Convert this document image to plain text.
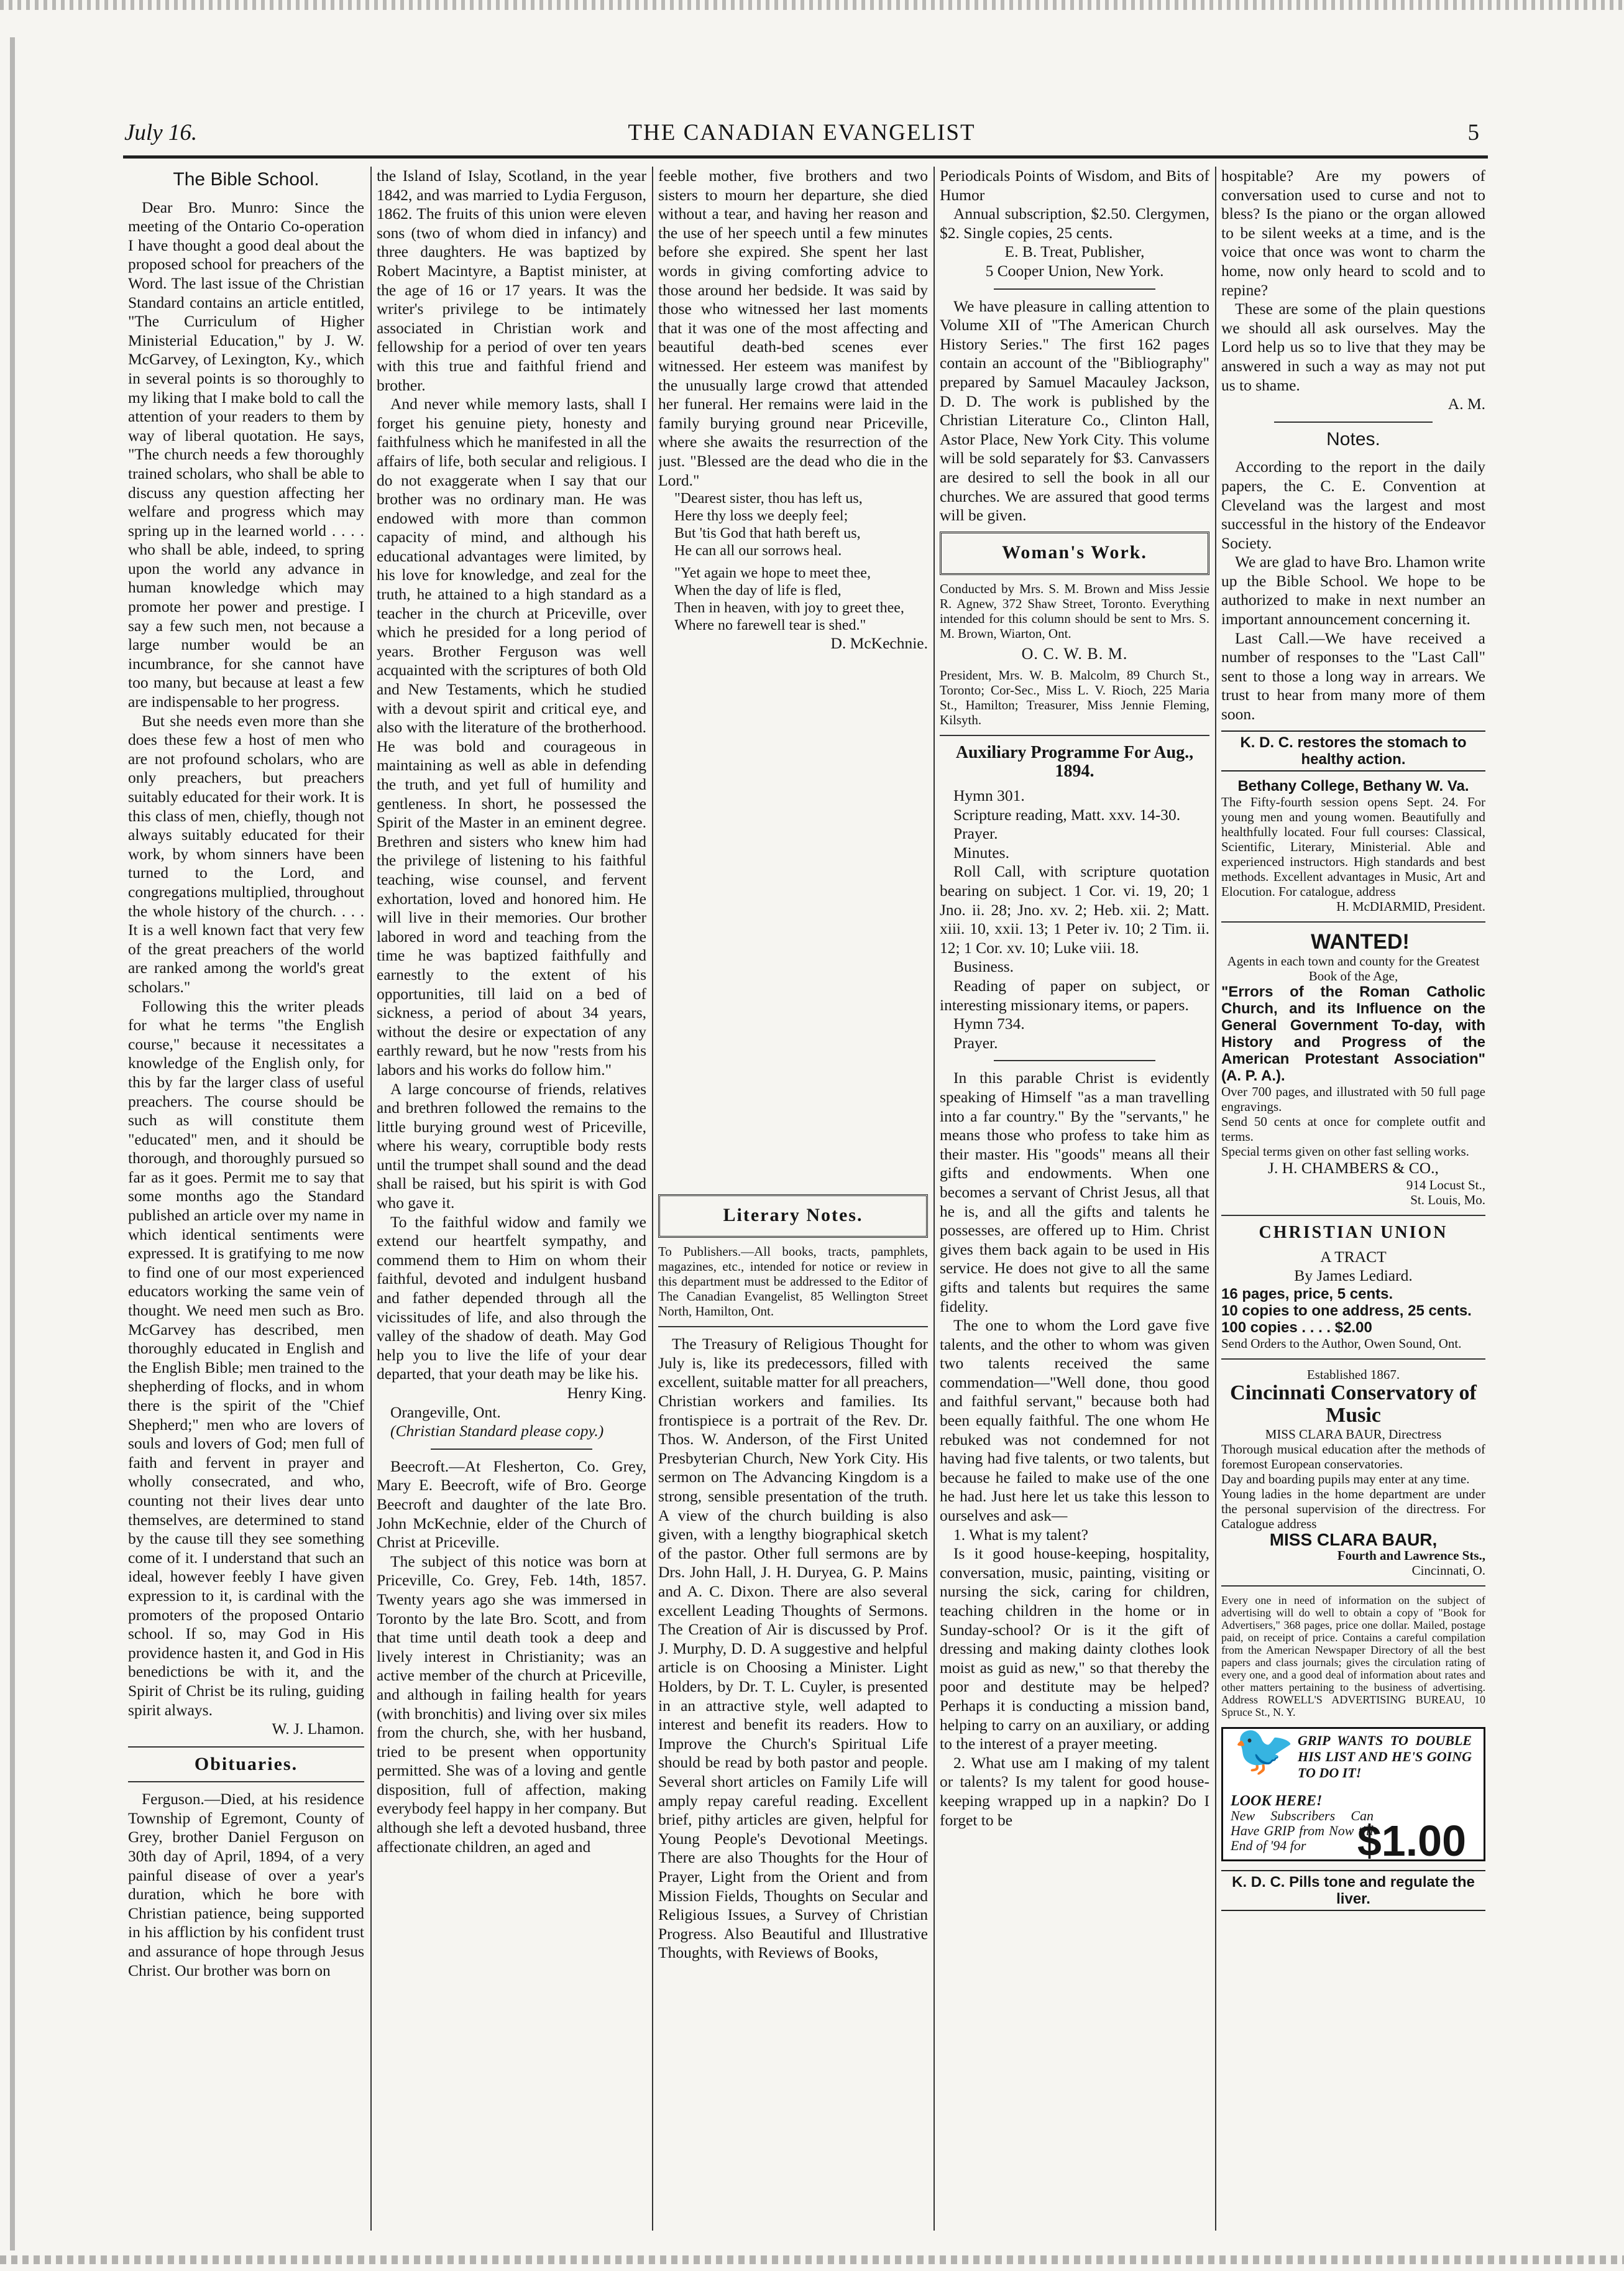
July 16.	THE CANADIAN EVANGELIST	5
The Bible School.

Dear Bro. Munro: Since the meeting of the Ontario Co-operation I have thought a good deal about the proposed school for preachers of the Word. The last issue of the Christian Standard contains an article entitled, "The Curriculum of Higher Ministerial Education," by J. W. McGarvey, of Lexington, Ky., which in several points is so thoroughly to my liking that I make bold to call the attention of your readers to them by way of liberal quotation. He says, "The church needs a few thoroughly trained scholars, who shall be able to discuss any question affecting her welfare and progress which may spring up in the learned world . . . . who shall be able, indeed, to spring upon the world any advance in human knowledge which may promote her power and prestige. I say a few such men, not because a large number would be an incumbrance, for she cannot have too many, but because at least a few are indispensable to her progress.

But she needs even more than she does these few a host of men who are not profound scholars, who are only preachers, but preachers suitably educated for their work. It is this class of men, chiefly, though not always suitably educated for their work, by whom sinners have been turned to the Lord, and congregations multiplied, throughout the whole history of the church. . . . It is a well known fact that very few of the great preachers of the world are ranked among the world's great scholars."

Following this the writer pleads for what he terms "the English course," because it necessitates a knowledge of the English only, for this by far the larger class of useful preachers. The course should be such as will constitute them "educated" men, and it should be thorough, and thoroughly pursued so far as it goes. Permit me to say that some months ago the Standard published an article over my name in which identical sentiments were expressed. It is gratifying to me now to find one of our most experienced educators working the same vein of thought. We need men such as Bro. McGarvey has described, men thoroughly educated in English and the English Bible; men trained to the shepherding of flocks, and in whom there is the spirit of the "Chief Shepherd;" men who are lovers of souls and lovers of God; men full of faith and fervent in prayer and wholly consecrated, and who, counting not their lives dear unto themselves, are determined to stand by the cause till they see something come of it. I understand that such an ideal, however feebly I have given expression to it, is cardinal with the promoters of the proposed Ontario school. If so, may God in His providence hasten it, and God in His benedictions be with it, and the Spirit of Christ be its ruling, guiding spirit always.

W. J. Lhamon.

Obituaries.

Ferguson.—Died, at his residence Township of Egremont, County of Grey, brother Daniel Ferguson on 30th day of April, 1894, of a very painful disease of over a year's duration, which he bore with Christian patience, being supported in his affliction by his confident trust and assurance of hope through Jesus Christ. Our brother was born on

the Island of Islay, Scotland, in the year 1842, and was married to Lydia Ferguson, 1862. The fruits of this union were eleven sons (two of whom died in infancy) and three daughters. He was baptized by Robert Macintyre, a Baptist minister, at the age of 16 or 17 years. It was the writer's privilege to be intimately associated in Christian work and fellowship for a period of over ten years with this true and faithful friend and brother.

And never while memory lasts, shall I forget his genuine piety, honesty and faithfulness which he manifested in all the affairs of life, both secular and religious. I do not exaggerate when I say that our brother was no ordinary man. He was endowed with more than common capacity of mind, and although his educational advantages were limited, by his love for knowledge, and zeal for the truth, he attained to a high standard as a teacher in the church at Priceville, over which he presided for a long period of years. Brother Ferguson was well acquainted with the scriptures of both Old and New Testaments, which he studied with a devout spirit and critical eye, and also with the literature of the brotherhood. He was bold and courageous in maintaining as well as able in defending the truth, and yet full of humility and gentleness. In short, he possessed the Spirit of the Master in an eminent degree. Brethren and sisters who knew him had the privilege of listening to his faithful teaching, wise counsel, and fervent exhortation, loved and honored him. He will live in their memories. Our brother labored in word and teaching from the time he was baptized faithfully and earnestly to the extent of his opportunities, till laid on a bed of sickness, a period of about 34 years, without the desire or expectation of any earthly reward, but he now "rests from his labors and his works do follow him."

A large concourse of friends, relatives and brethren followed the remains to the little burying ground west of Priceville, where his weary, corruptible body rests until the trumpet shall sound and the dead shall be raised, but his spirit is with God who gave it.

To the faithful widow and family we extend our heartfelt sympathy, and commend them to Him on whom their faithful, devoted and indulgent husband and father depended through all the vicissitudes of life, and also through the valley of the shadow of death. May God help you to live the life of your dear departed, that your death may be like his.

Henry King.

Orangeville, Ont.

(Christian Standard please copy.)

Beecroft.—At Flesherton, Co. Grey, Mary E. Beecroft, wife of Bro. George Beecroft and daughter of the late Bro. John McKechnie, elder of the Church of Christ at Priceville.

The subject of this notice was born at Priceville, Co. Grey, Feb. 14th, 1857. Twenty years ago she was immersed in Toronto by the late Bro. Scott, and from that time until death took a deep and lively interest in Christianity; was an active member of the church at Priceville, and although in failing health for years (with bronchitis) and living over six miles from the church, she, with her husband, tried to be present when opportunity permitted. She was of a loving and gentle disposition, full of affection, making everybody feel happy in her company. But although she left a devoted husband, three affectionate children, an aged and

feeble mother, five brothers and two sisters to mourn her departure, she died without a tear, and having her reason and the use of her speech until a few minutes before she expired. She spent her last words in giving comforting advice to those around her bedside. It was said by those who witnessed her last moments that it was one of the most affecting and beautiful death-bed scenes ever witnessed. Her esteem was manifest by the unusually large crowd that attended her funeral. Her remains were laid in the family burying ground near Priceville, where she awaits the resurrection of the just. "Blessed are the dead who die in the Lord."

"Dearest sister, thou has left us,

Here thy loss we deeply feel;

But 'tis God that hath bereft us,

He can all our sorrows heal.

"Yet again we hope to meet thee,

When the day of life is fled,

Then in heaven, with joy to greet thee,

Where no farewell tear is shed."

D. McKechnie.

Literary Notes.

To Publishers.—All books, tracts, pamphlets, magazines, etc., intended for notice or review in this department must be addressed to the Editor of The Canadian Evangelist, 85 Wellington Street North, Hamilton, Ont.

The Treasury of Religious Thought for July is, like its predecessors, filled with excellent, suitable matter for all preachers, Christian workers and families. Its frontispiece is a portrait of the Rev. Dr. Thos. W. Anderson, of the First United Presbyterian Church, New York City. His sermon on The Advancing Kingdom is a strong, sensible presentation of the truth. A view of the church building is also given, with a lengthy biographical sketch of the pastor. Other full sermons are by Drs. John Hall, J. H. Duryea, G. P. Mains and A. C. Dixon. There are also several excellent Leading Thoughts of Sermons. The Creation of Air is discussed by Prof. J. Murphy, D. D. A suggestive and helpful article is on Choosing a Minister. Light Holders, by Dr. T. L. Cuyler, is presented in an attractive style, well adapted to interest and benefit its readers. How to Improve the Church's Spiritual Life should be read by both pastor and people. Several short articles on Family Life will amply repay careful reading. Excellent brief, pithy articles are given, helpful for Young People's Devotional Meetings. There are also Thoughts for the Hour of Prayer, Light from the Orient and from Mission Fields, Thoughts on Secular and Religious Issues, a Survey of Christian Progress. Also Beautiful and Illustrative Thoughts, with Reviews of Books,

Periodicals Points of Wisdom, and Bits of Humor

Annual subscription, $2.50. Clergymen, $2. Single copies, 25 cents.

E. B. Treat, Publisher,

5 Cooper Union, New York.

We have pleasure in calling attention to Volume XII of "The American Church History Series." The first 162 pages contain an account of the "Bibliography" prepared by Samuel Macauley Jackson, D. D. The work is published by the Christian Literature Co., Clinton Hall, Astor Place, New York City. This volume will be sold separately for $3. Canvassers are desired to sell the book in all our churches. We are assured that good terms will be given.

Woman's Work.

Conducted by Mrs. S. M. Brown and Miss Jessie R. Agnew, 372 Shaw Street, Toronto. Everything intended for this column should be sent to Mrs. S. M. Brown, Wiarton, Ont.

O. C. W. B. M.

President, Mrs. W. B. Malcolm, 89 Church St., Toronto; Cor-Sec., Miss L. V. Rioch, 225 Maria St., Hamilton; Treasurer, Miss Jennie Fleming, Kilsyth.

Auxiliary Programme For Aug., 1894.

Hymn 301.

Scripture reading, Matt. xxv. 14-30.

Prayer.

Minutes.

Roll Call, with scripture quotation bearing on subject. 1 Cor. vi. 19, 20; 1 Jno. ii. 28; Jno. xv. 2; Heb. xii. 2; Matt. xiii. 10, xxii. 13; 1 Peter iv. 10; 2 Tim. ii. 12; 1 Cor. xv. 10; Luke viii. 18.

Business.

Reading of paper on subject, or interesting missionary items, or papers.

Hymn 734.

Prayer.

In this parable Christ is evidently speaking of Himself "as a man travelling into a far country." By the "servants," he means those who profess to take him as their master. His "goods" means all their gifts and endowments. When one becomes a servant of Christ Jesus, all that he is, and all the gifts and talents he possesses, are offered up to Him. Christ gives them back again to be used in His service. He does not give to all the same gifts and talents but requires the same fidelity.

The one to whom the Lord gave five talents, and the other to whom was given two talents received the same commendation—"Well done, thou good and faithful servant," because both had been equally faithful. The one whom He rebuked was not condemned for not having had five talents, or two talents, but because he failed to make use of the one he had. Just here let us take this lesson to ourselves and ask—

1. What is my talent?

Is it good house-keeping, hospitality, conversation, music, painting, visiting or nursing the sick, caring for children, teaching children in the home or in Sunday-school? Or is it the gift of dressing and making dainty clothes look moist as guid as new," so that thereby the poor and destitute may be helped? Perhaps it is conducting a mission band, helping to carry on an auxiliary, or adding to the interest of a prayer meeting.

2. What use am I making of my talent or talents? Is my talent for good house-keeping wrapped up in a napkin? Do I forget to be

hospitable? Are my powers of conversation used to curse and not to bless? Is the piano or the organ allowed to be silent weeks at a time, and is the voice that once was wont to charm the home, now only heard to scold and to repine?

These are some of the plain questions we should all ask ourselves. May the Lord help us so to live that they may be answered in such a way as may not put us to shame.

A. M.

Notes.

According to the report in the daily papers, the C. E. Convention at Cleveland was the largest and most successful in the history of the Endeavor Society.

We are glad to have Bro. Lhamon write up the Bible School. We hope to be authorized to make in next number an important announcement concerning it.

Last Call.—We have received a number of responses to the "Last Call" sent to those a long way in arrears. We trust to hear from many more of them soon.

K. D. C. restores the stomach to healthy action.

Bethany College, Bethany W. Va.

The Fifty-fourth session opens Sept. 24. For young men and young women. Beautifully and healthfully located. Four full courses: Classical, Scientific, Literary, Ministerial. Able and experienced instructors. High standards and best methods. Excellent advantages in Music, Art and Elocution. For catalogue, address

H. McDIARMID, President.

WANTED!

Agents in each town and county for the Greatest Book of the Age,

"Errors of the Roman Catholic Church, and its Influence on the General Government To-day, with History and Progress of the American Protestant Association" (A. P. A.).

Over 700 pages, and illustrated with 50 full page engravings.

Send 50 cents at once for complete outfit and terms.

Special terms given on other fast selling works.

J. H. CHAMBERS & CO.,

914 Locust St.,

St. Louis, Mo.

CHRISTIAN UNION

A TRACT

By James Lediard.

16 pages, price, 5 cents.

10 copies to one address, 25 cents.

100 copies . . . . $2.00

Send Orders to the Author, Owen Sound, Ont.

Established 1867.

Cincinnati Conservatory of Music

MISS CLARA BAUR, Directress

Thorough musical education after the methods of foremost European conservatories.

Day and boarding pupils may enter at any time.

Young ladies in the home department are under the personal supervision of the directress. For Catalogue address

MISS CLARA BAUR,

Fourth and Lawrence Sts.,

Cincinnati, O.

Every one in need of information on the subject of advertising will do well to obtain a copy of "Book for Advertisers," 368 pages, price one dollar. Mailed, postage paid, on receipt of price. Contains a careful compilation from the American Newspaper Directory of all the best papers and class journals; gives the circulation rating of every one, and a good deal of information about rates and other matters pertaining to the business of advertising. Address ROWELL'S ADVERTISING BUREAU, 10 Spruce St., N. Y.

🐦 GRIP WANTS TO DOUBLE HIS LIST AND HE'S GOING TO DO IT!
LOOK HERE!
New Subscribers Can Have GRIP from Now till End of '94 for	$1.00

K. D. C. Pills tone and regulate the liver.
